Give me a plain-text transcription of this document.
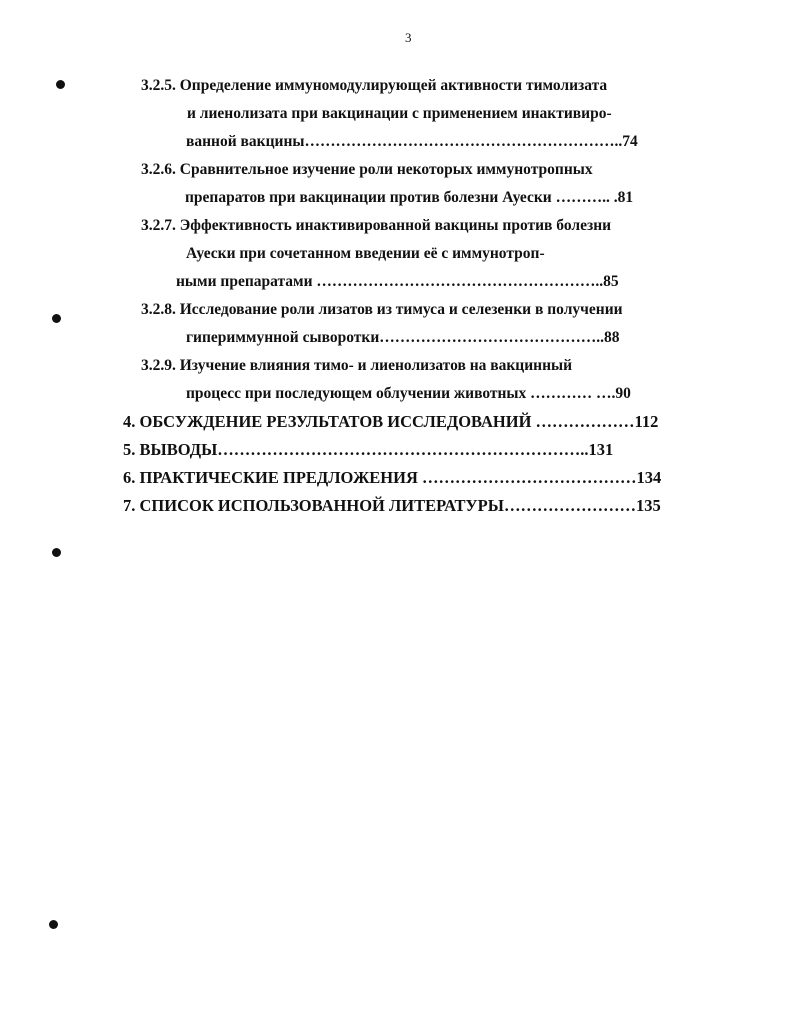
3
3.2.5. Определение иммуномодулирующей активности тимолизата
и лиенолизата при вакцинации с применением инактивиро-
ванной вакцины……………………………………………………..74
3.2.6. Сравнительное изучение роли некоторых иммунотропных
препаратов при вакцинации против болезни Ауески ……….. .81
3.2.7. Эффективность инактивированной вакцины против болезни
Ауески при сочетанном введении её с иммунотроп-
ными препаратами ………………………………………………..85
3.2.8. Исследование роли лизатов из тимуса и селезенки в получении
гипериммунной сыворотки……………………………………..88
3.2.9. Изучение влияния тимо- и лиенолизатов на вакцинный
процесс при последующем облучении животных ………… ….90
4. ОБСУЖДЕНИЕ РЕЗУЛЬТАТОВ ИССЛЕДОВАНИЙ ………………112
5. ВЫВОДЫ…………………………………………………………..131
6. ПРАКТИЧЕСКИЕ ПРЕДЛОЖЕНИЯ …………………………………134
7. СПИСОК ИСПОЛЬЗОВАННОЙ ЛИТЕРАТУРЫ……………………135
